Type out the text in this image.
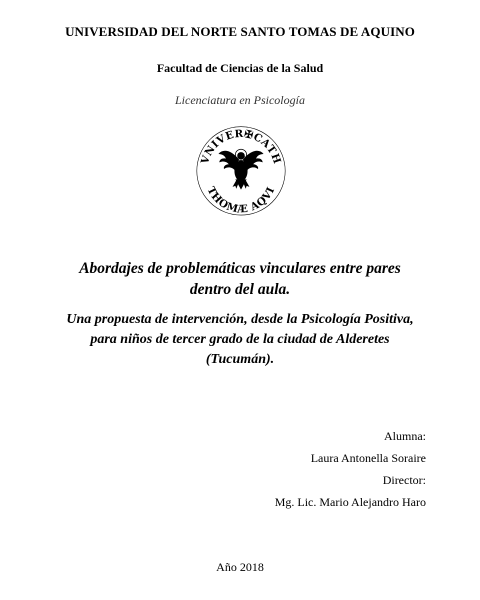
UNIVERSIDAD DEL NORTE SANTO TOMAS DE AQUINO
Facultad de Ciencias de la Salud
Licenciatura en Psicología
VNIVER✠CATH
THOMÆ AQVI
Abordajes de problemáticas vinculares entre pares
dentro del aula.
Una propuesta de intervención, desde la Psicología Positiva,
para niños de tercer grado de la ciudad de Alderetes
(Tucumán).
Alumna:
Laura Antonella Soraire
Director:
Mg. Lic. Mario Alejandro Haro
Año 2018
